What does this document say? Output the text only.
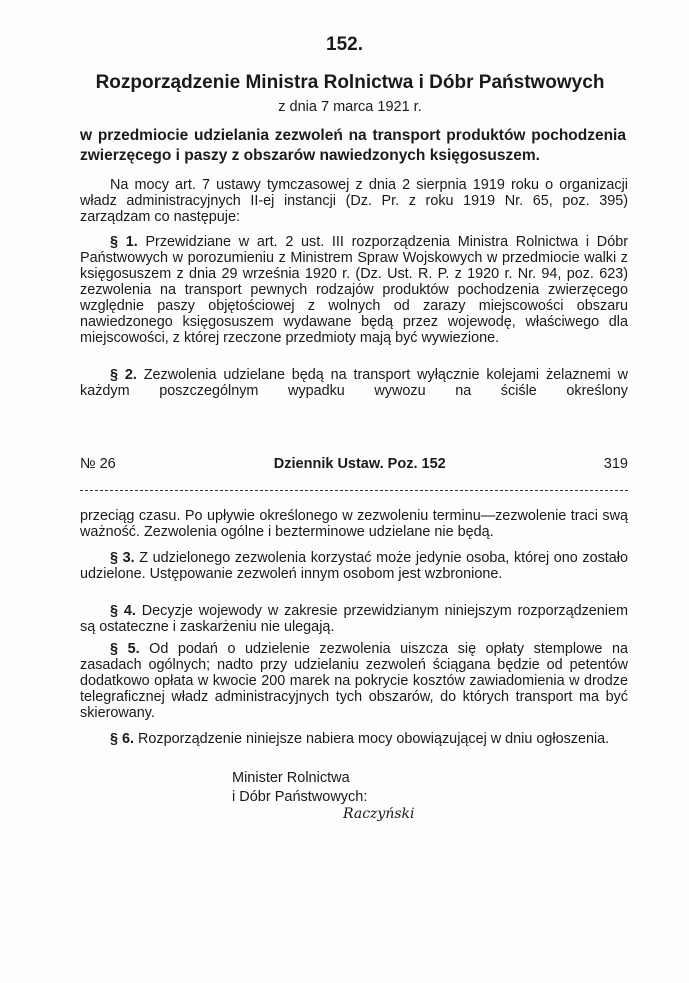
152.
Rozporządzenie Ministra Rolnictwa i Dóbr Państwowych
z dnia 7 marca 1921 r.
w przedmiocie udzielania zezwoleń na transport produktów pochodzenia zwierzęcego i paszy z obszarów nawiedzonych księgosuszem.
Na mocy art. 7 ustawy tymczasowej z dnia 2 sierpnia 1919 roku o organizacji władz administracyjnych II-ej instancji (Dz. Pr. z roku 1919 Nr. 65, poz. 395) zarządzam co następuje:
§ 1. Przewidziane w art. 2 ust. III rozporządzenia Ministra Rolnictwa i Dóbr Państwowych w porozumieniu z Ministrem Spraw Wojskowych w przedmiocie walki z księgosuszem z dnia 29 września 1920 r. (Dz. Ust. R. P. z 1920 r. Nr. 94, poz. 623) zezwolenia na transport pewnych rodzajów produktów pochodzenia zwierzęcego względnie paszy objętościowej z wolnych od zarazy miejscowości obszaru nawiedzonego księgosuszem wydawane będą przez wojewodę, właściwego dla miejscowości, z której rzeczone przedmioty mają być wywiezione.
§ 2. Zezwolenia udzielane będą na transport wyłącznie kolejami żelaznemi w każdym poszczególnym wypadku wywozu na ściśle określony
№ 26	Dziennik Ustaw. Poz. 152	319
przeciąg czasu. Po upływie określonego w zezwoleniu terminu—zezwolenie traci swą ważność. Zezwolenia ogólne i bezterminowe udzielane nie będą.
§ 3. Z udzielonego zezwolenia korzystać może jedynie osoba, której ono zostało udzielone. Ustępowanie zezwoleń innym osobom jest wzbronione.
§ 4. Decyzje wojewody w zakresie przewidzianym niniejszym rozporządzeniem są ostateczne i zaskarżeniu nie ulegają.
§ 5. Od podań o udzielenie zezwolenia uiszcza się opłaty stemplowe na zasadach ogólnych; nadto przy udzielaniu zezwoleń ściągana będzie od petentów dodatkowo opłata w kwocie 200 marek na pokrycie kosztów zawiadomienia w drodze telegraficznej władz administracyjnych tych obszarów, do których transport ma być skierowany.
§ 6. Rozporządzenie niniejsze nabiera mocy obowiązującej w dniu ogłoszenia.
Minister Rolnictwa
i Dóbr Państwowych:
Raczyński
